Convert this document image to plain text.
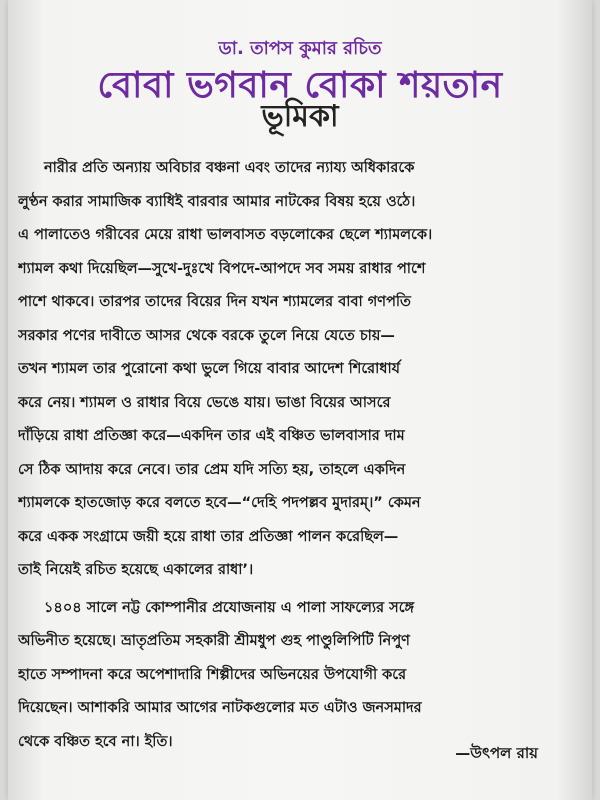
ডা. তাপস কুমার রচিত
বোবা ভগবান বোকা শয়তান
ভূমিকা
নারীর প্রতি অন্যায় অবিচার বঞ্চনা এবং তাদের ন্যায্য অধিকারকে
লুণ্ঠন করার সামাজিক ব্যাধিই বারবার আমার নাটকের বিষয় হয়ে ওঠে।
এ পালাতেও গরীবের মেয়ে রাধা ভালবাসত বড়লোকের ছেলে শ্যামলকে।
শ্যামল কথা দিয়েছিল—সুখে-দুঃখে বিপদে-আপদে সব সময় রাধার পাশে
পাশে থাকবে। তারপর তাদের বিয়ের দিন যখন শ্যামলের বাবা গণপতি
সরকার পণের দাবীতে আসর থেকে বরকে তুলে নিয়ে যেতে চায়—
তখন শ্যামল তার পুরোনো কথা ভুলে গিয়ে বাবার আদেশ শিরোধার্য
করে নেয়। শ্যামল ও রাধার বিয়ে ভেঙে যায়। ভাঙা বিয়ের আসরে
দাঁড়িয়ে রাধা প্রতিজ্ঞা করে—একদিন তার এই বঞ্চিত ভালবাসার দাম
সে ঠিক আদায় করে নেবে। তার প্রেম যদি সত্যি হয়, তাহলে একদিন
শ্যামলকে হাতজোড় করে বলতে হবে—“দেহি পদপল্লব মুদারম্।” কেমন
করে একক সংগ্রামে জয়ী হয়ে রাধা তার প্রতিজ্ঞা পালন করেছিল—
তাই নিয়েই রচিত হয়েছে একালের রাধা’।
১৪০৪ সালে নট্ট কোম্পানীর প্রযোজনায় এ পালা সাফল্যের সঙ্গে
অভিনীত হয়েছে। ভ্রাতৃপ্রতিম সহকারী শ্রীমধুপ গুহ পাণ্ডুলিপিটি নিপুণ
হাতে সম্পাদনা করে অপেশাদারি শিল্পীদের অভিনয়ের উপযোগী করে
দিয়েছেন। আশাকরি আমার আগের নাটকগুলোর মত এটাও জনসমাদর
থেকে বঞ্চিত হবে না। ইতি।
—উৎপল রায়
